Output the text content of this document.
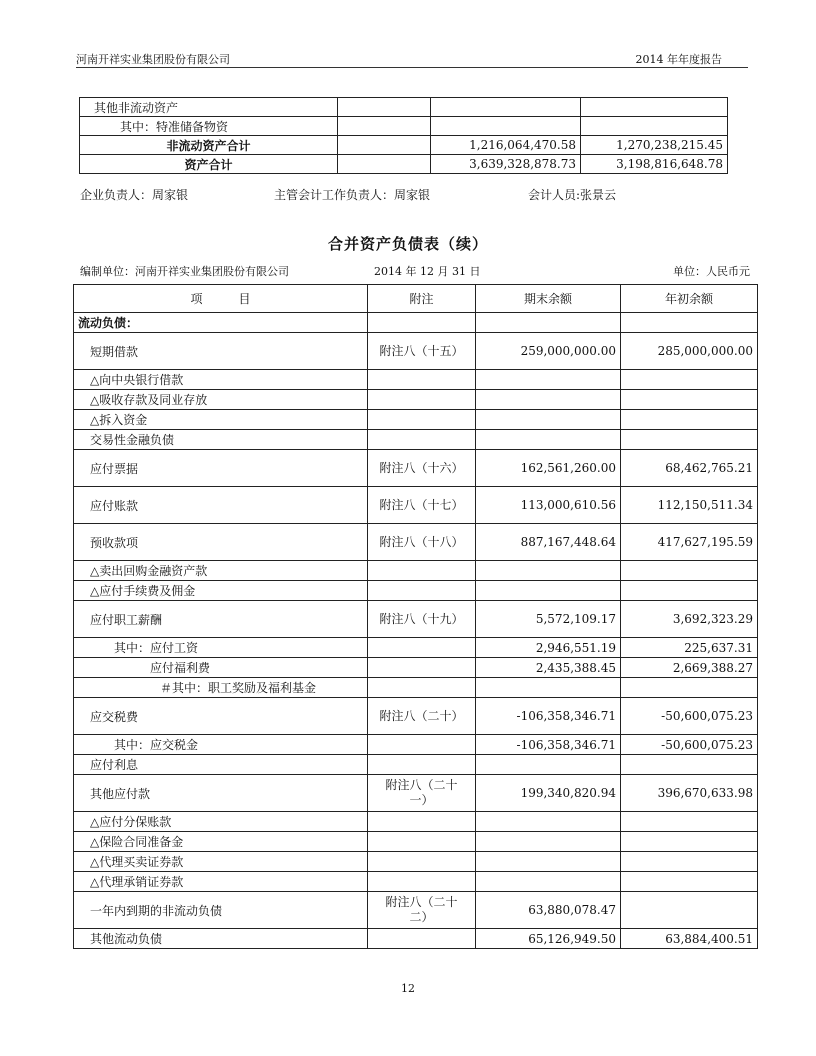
河南开祥实业集团股份有限公司	2014 年年度报告
其他非流动资产			
其中：特准储备物资			
非流动资产合计		1,216,064,470.58	1,270,238,215.45
资产合计		3,639,328,878.73	3,198,816,648.78
企业负责人：周家银	主管会计工作负责人：周家银	会计人员:张景云
合并资产负债表（续）
编制单位：河南开祥实业集团股份有限公司	2014 年 12 月 31 日	单位：人民币元
项　　　目	附注	期末余额	年初余额
流动负债：			
短期借款	附注八（十五）	259,000,000.00	285,000,000.00
△向中央银行借款			
△吸收存款及同业存放			
△拆入资金			
交易性金融负债			
应付票据	附注八（十六）	162,561,260.00	68,462,765.21
应付账款	附注八（十七）	113,000,610.56	112,150,511.34
预收款项	附注八（十八）	887,167,448.64	417,627,195.59
△卖出回购金融资产款			
△应付手续费及佣金			
应付职工薪酬	附注八（十九）	5,572,109.17	3,692,323.29
其中：应付工资		2,946,551.19	225,637.31
应付福利费		2,435,388.45	2,669,388.27
＃其中：职工奖励及福利基金			
应交税费	附注八（二十）	-106,358,346.71	-50,600,075.23
其中：应交税金		-106,358,346.71	-50,600,075.23
应付利息			
其他应付款	附注八（二十一）	199,340,820.94	396,670,633.98
△应付分保账款			
△保险合同准备金			
△代理买卖证券款			
△代理承销证券款			
一年内到期的非流动负债	附注八（二十二）	63,880,078.47	
其他流动负债		65,126,949.50	63,884,400.51
12
